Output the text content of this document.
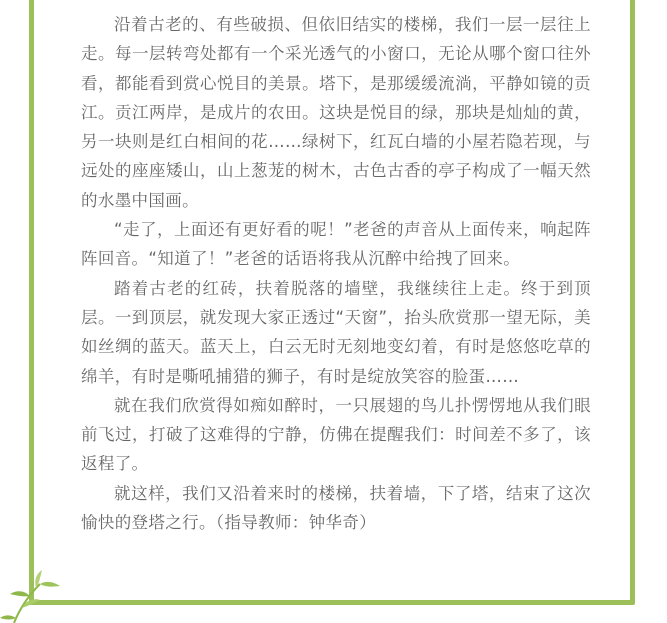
沿着古老的、有些破损、但依旧结实的楼梯，我们一层一层往上走。每一层转弯处都有一个采光透气的小窗口，无论从哪个窗口往外看，都能看到赏心悦目的美景。塔下，是那缓缓流淌，平静如镜的贡江。贡江两岸，是成片的农田。这块是悦目的绿，那块是灿灿的黄，另一块则是红白相间的花……绿树下，红瓦白墙的小屋若隐若现，与远处的座座矮山，山上葱茏的树木，古色古香的亭子构成了一幅天然的水墨中国画。

“走了，上面还有更好看的呢！”老爸的声音从上面传来，响起阵阵回音。“知道了！”老爸的话语将我从沉醉中给拽了回来。

踏着古老的红砖，扶着脱落的墙壁，我继续往上走。终于到顶层。一到顶层，就发现大家正透过“天窗”，抬头欣赏那一望无际，美如丝绸的蓝天。蓝天上，白云无时无刻地变幻着，有时是悠悠吃草的绵羊，有时是嘶吼捕猎的狮子，有时是绽放笑容的脸蛋……

就在我们欣赏得如痴如醉时，一只展翅的鸟儿扑愣愣地从我们眼前飞过，打破了这难得的宁静，仿佛在提醒我们：时间差不多了，该返程了。

就这样，我们又沿着来时的楼梯，扶着墙，下了塔，结束了这次愉快的登塔之行。（指导教师：钟华奇）
